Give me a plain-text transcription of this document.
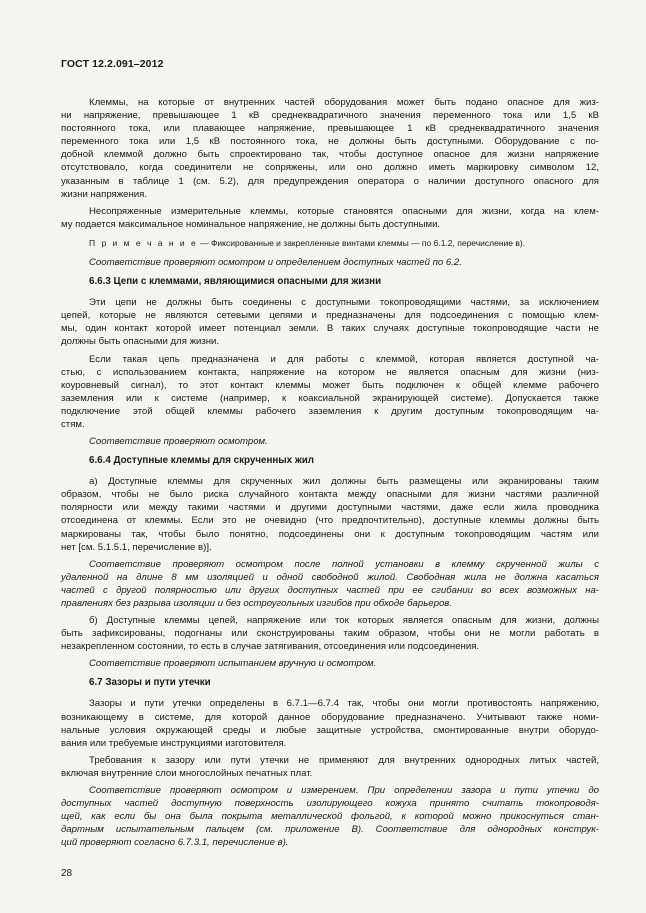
ГОСТ 12.2.091–2012

Клеммы, на которые от внутренних частей оборудования может быть подано опасное для жиз-
ни напряжение, превышающее 1 кВ среднеквадратичного значения переменного тока или 1,5 кВ
постоянного тока, или плавающее напряжение, превышающее 1 кВ среднеквадратичного значения
переменного тока или 1,5 кВ постоянного тока, не должны быть доступными. Оборудование с по-
добной клеммой должно быть спроектировано так, чтобы доступное опасное для жизни напряжение
отсутствовало, когда соединители не сопряжены, или оно должно иметь маркировку символом 12,
указанным в таблице 1 (см. 5.2), для предупреждения оператора о наличии доступного опасного для
жизни напряжения.

Несопряженные измерительные клеммы, которые становятся опасными для жизни, когда на клем-
му подается максимальное номинальное напряжение, не должны быть доступными.

П р и м е ч а н и е — Фиксированные и закрепленные винтами клеммы — по 6.1.2, перечисление в).

Соответствие проверяют осмотром и определением доступных частей по 6.2.

6.6.3 Цепи с клеммами, являющимися опасными для жизни

Эти цепи не должны быть соединены с доступными токопроводящими частями, за исключением
цепей, которые не являются сетевыми цепями и предназначены для подсоединения с помощью клем-
мы, один контакт которой имеет потенциал земли. В таких случаях доступные токопроводящие части не
должны быть опасными для жизни.

Если такая цепь предназначена и для работы с клеммой, которая является доступной ча-
стью, с использованием контакта, напряжение на котором не является опасным для жизни (низ-
коуровневый сигнал), то этот контакт клеммы может быть подключен к общей клемме рабочего
заземления или к системе (например, к коаксиальной экранирующей системе). Допускается также
подключение этой общей клеммы рабочего заземления к другим доступным токопроводящим ча-
стям.

Соответствие проверяют осмотром.

6.6.4 Доступные клеммы для скрученных жил

а) Доступные клеммы для скрученных жил должны быть размещены или экранированы таким
образом, чтобы не было риска случайного контакта между опасными для жизни частями различной
полярности или между такими частями и другими доступными частями, даже если жила проводника
отсоединена от клеммы. Если это не очевидно (что предпочтительно), доступные клеммы должны быть
маркированы так, чтобы было понятно, подсоединены они к доступным токопроводящим частям или
нет [см. 5.1.5.1, перечисление в)].

Соответствие проверяют осмотром после полной установки в клемму скрученной жилы с
удаленной на длине 8 мм изоляцией и одной свободной жилой. Свободная жила не должна касаться
частей с другой полярностью или других доступных частей при ее сгибании во всех возможных на-
правлениях без разрыва изоляции и без остроугольных изгибов при обходе барьеров.

б) Доступные клеммы цепей, напряжение или ток которых является опасным для жизни, должны
быть зафиксированы, подогнаны или сконструированы таким образом, чтобы они не могли работать в
незакрепленном состоянии, то есть в случае затягивания, отсоединения или подсоединения.

Соответствие проверяют испытанием вручную и осмотром.

6.7 Зазоры и пути утечки

Зазоры и пути утечки определены в 6.7.1—6.7.4 так, чтобы они могли противостоять напряжению,
возникающему в системе, для которой данное оборудование предназначено. Учитывают также номи-
нальные условия окружающей среды и любые защитные устройства, смонтированные внутри оборудо-
вания или требуемые инструкциями изготовителя.

Требования к зазору или пути утечки не применяют для внутренних однородных литых частей,
включая внутренние слои многослойных печатных плат.

Соответствие проверяют осмотром и измерением. При определении зазора и пути утечки до
доступных частей доступную поверхность изолирующего кожуха принято считать токопроводя-
щей, как если бы она была покрыта металлической фольгой, к которой можно прикоснуться стан-
дартным испытательным пальцем (см. приложение В). Соответствие для однородных конструк-
ций проверяют согласно 6.7.3.1, перечисление в).

28
